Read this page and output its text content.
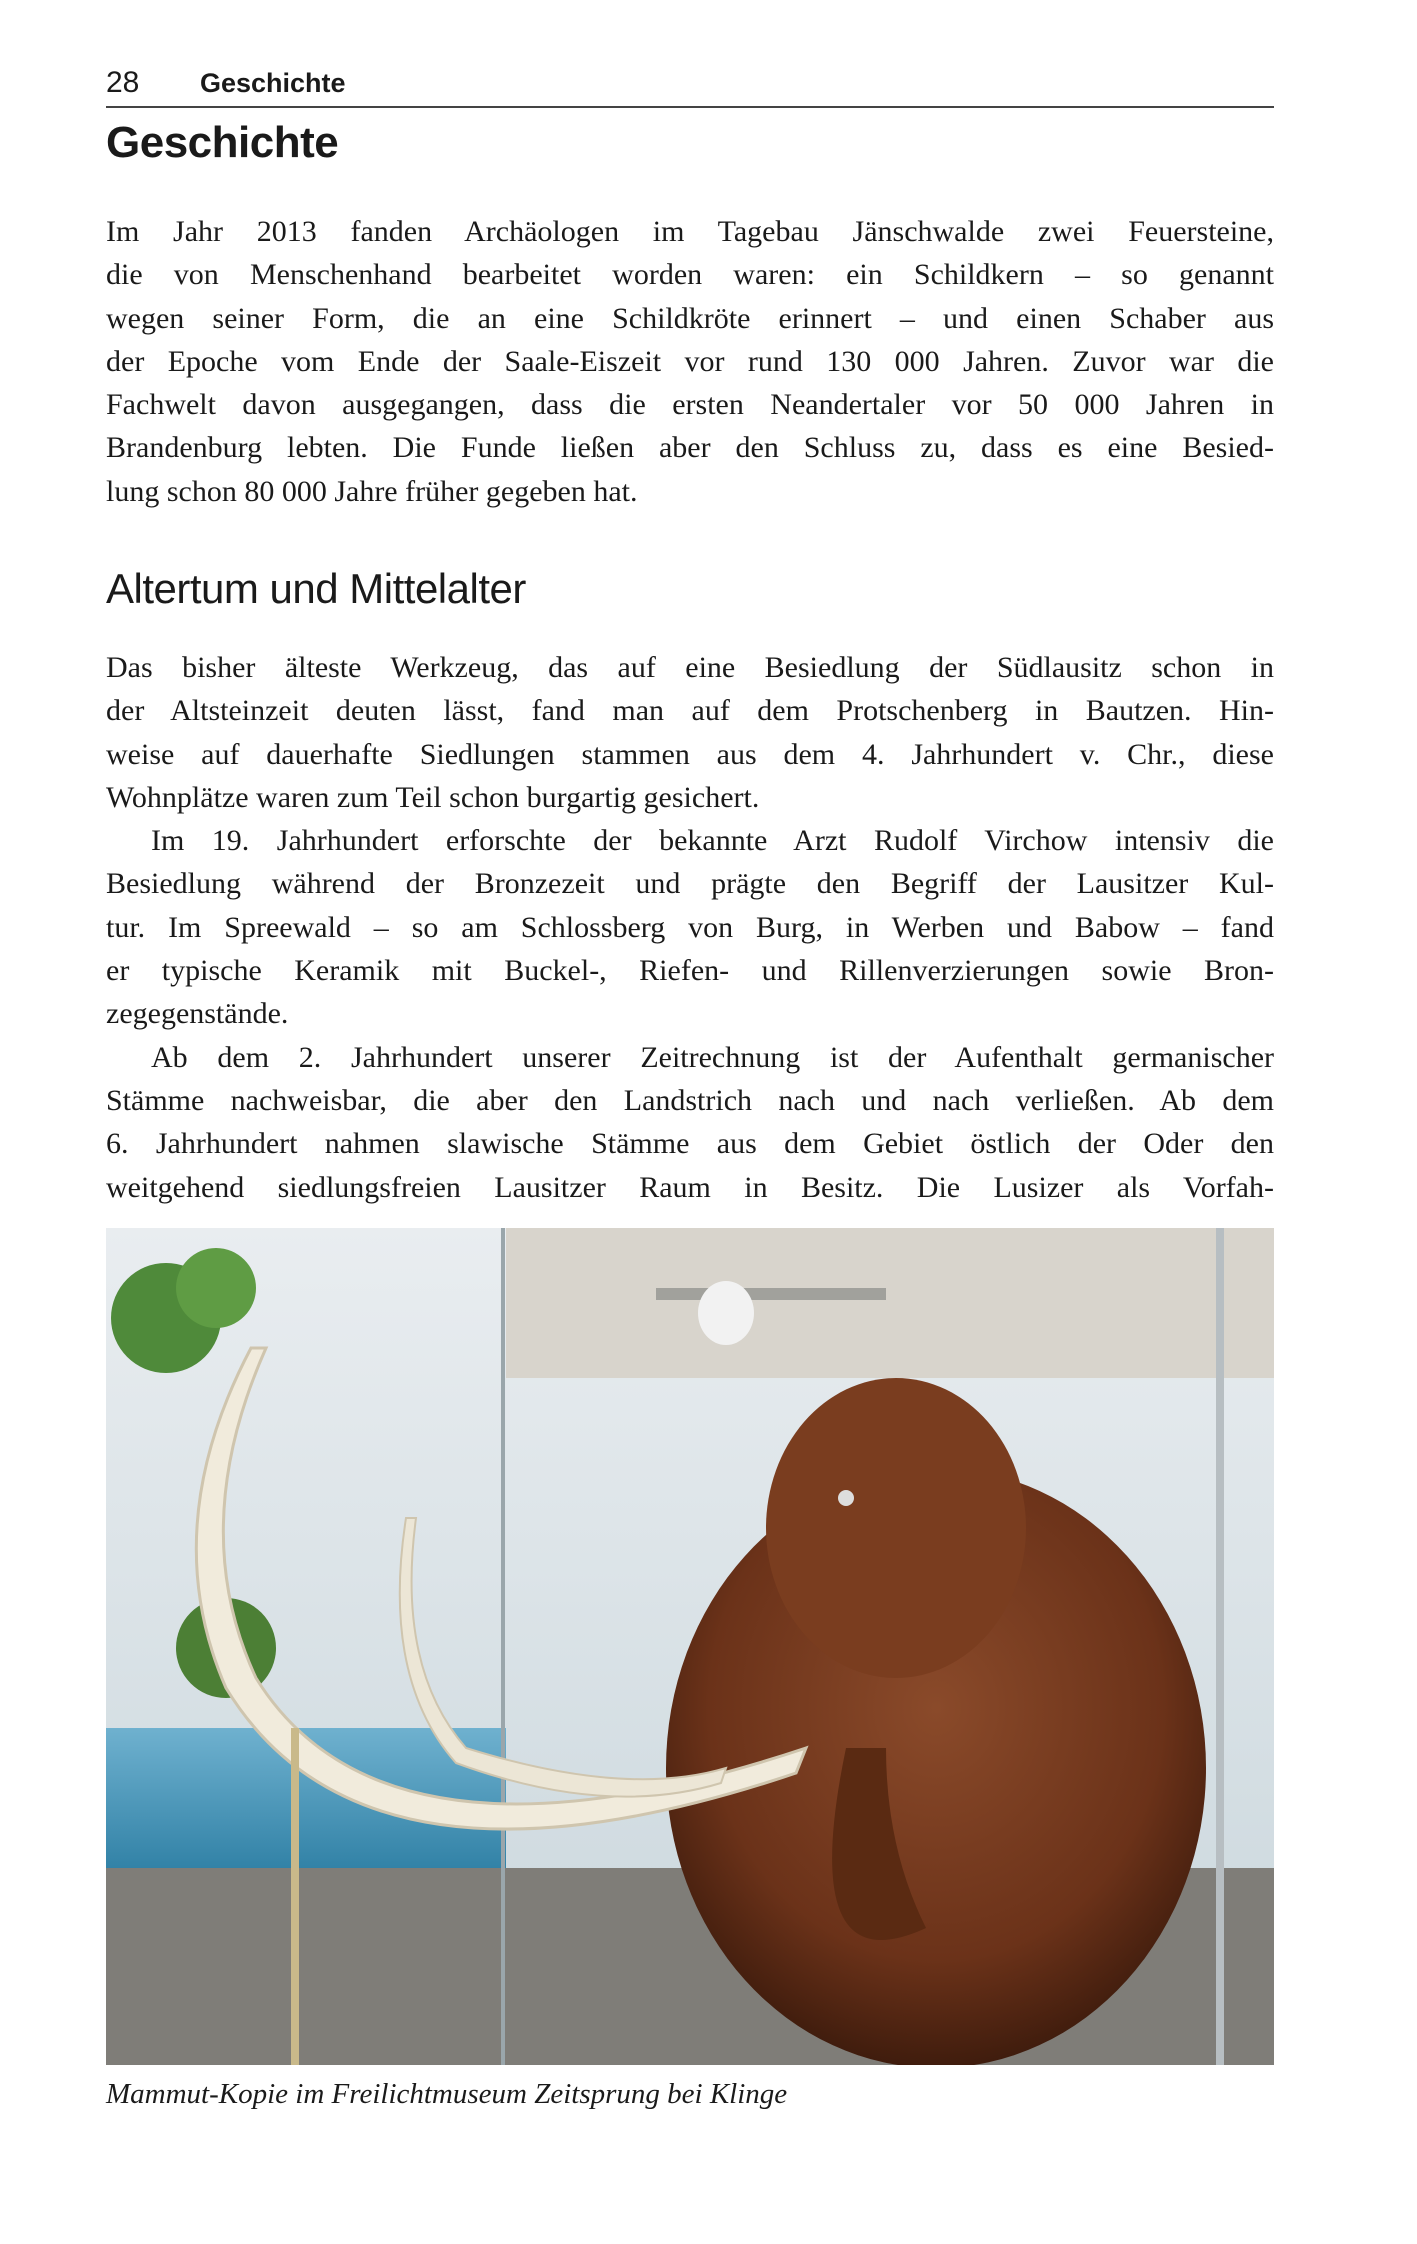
28 Geschichte
Geschichte
Im Jahr 2013 fanden Archäologen im Tagebau Jänschwalde zwei Feuersteine,
die von Menschenhand bearbeitet worden waren: ein Schildkern – so genannt
wegen seiner Form, die an eine Schildkröte erinnert – und einen Schaber aus
der Epoche vom Ende der Saale-Eiszeit vor rund 130 000 Jahren. Zuvor war die
Fachwelt davon ausgegangen, dass die ersten Neandertaler vor 50 000 Jahren in
Brandenburg lebten. Die Funde ließen aber den Schluss zu, dass es eine Besied-
lung schon 80 000 Jahre früher gegeben hat.
Altertum und Mittelalter
Das bisher älteste Werkzeug, das auf eine Besiedlung der Südlausitz schon in
der Altsteinzeit deuten lässt, fand man auf dem Protschenberg in Bautzen. Hin-
weise auf dauerhafte Siedlungen stammen aus dem 4. Jahrhundert v. Chr., diese
Wohnplätze waren zum Teil schon burgartig gesichert.
Im 19. Jahrhundert erforschte der bekannte Arzt Rudolf Virchow intensiv die
Besiedlung während der Bronzezeit und prägte den Begriff der Lausitzer Kul-
tur. Im Spreewald – so am Schlossberg von Burg, in Werben und Babow – fand
er typische Keramik mit Buckel-, Riefen- und Rillenverzierungen sowie Bron-
zegegenstände.
Ab dem 2. Jahrhundert unserer Zeitrechnung ist der Aufenthalt germanischer
Stämme nachweisbar, die aber den Landstrich nach und nach verließen. Ab dem
6. Jahrhundert nahmen slawische Stämme aus dem Gebiet östlich der Oder den
weitgehend siedlungsfreien Lausitzer Raum in Besitz. Die Lusizer als Vorfah-
Mammut-Kopie im Freilichtmuseum Zeitsprung bei Klinge
